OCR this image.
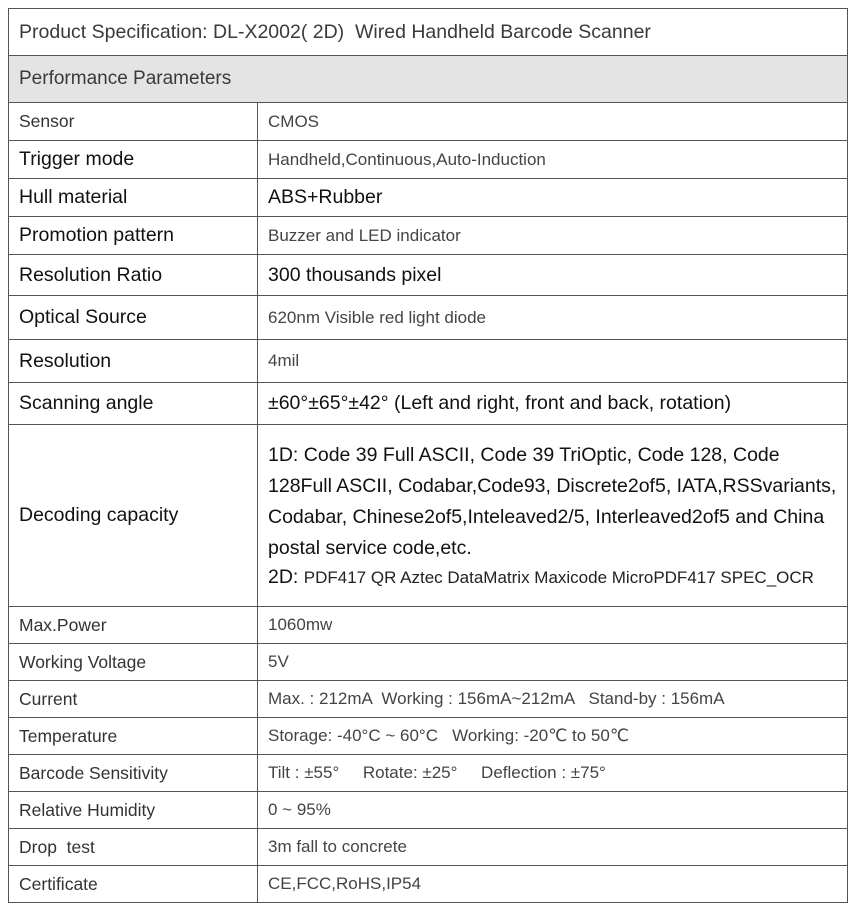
Product Specification: DL-X2002( 2D)  Wired Handheld Barcode Scanner	
Performance Parameters	
Sensor	CMOS
Trigger mode	Handheld,Continuous,Auto-Induction
Hull material	ABS+Rubber
Promotion pattern	Buzzer and LED indicator
Resolution Ratio	300 thousands pixel
Optical Source	620nm Visible red light diode
Resolution	4mil
Scanning angle	±60°±65°±42° (Left and right, front and back, rotation)
Decoding capacity	1D: Code 39 Full ASCII, Code 39 TriOptic, Code 128, Code 128Full ASCII, Codabar,Code93, Discrete2of5, IATA,RSSvariants, Codabar, Chinese2of5,Inteleaved2/5, Interleaved2of5 and China postal service code,etc.
2D: PDF417 QR Aztec DataMatrix Maxicode MicroPDF417 SPEC_OCR

Max.Power	1060mw
Working Voltage	5V
Current	Max. : 212mA  Working : 156mA~212mA   Stand-by : 156mA
Temperature	Storage: -40°C ~ 60°C   Working: -20℃ to 50℃
Barcode Sensitivity	Tilt : ±55°     Rotate: ±25°     Deflection : ±75°
Relative Humidity	0 ~ 95%
Drop  test	3m fall to concrete
Certificate	CE,FCC,RoHS,IP54
